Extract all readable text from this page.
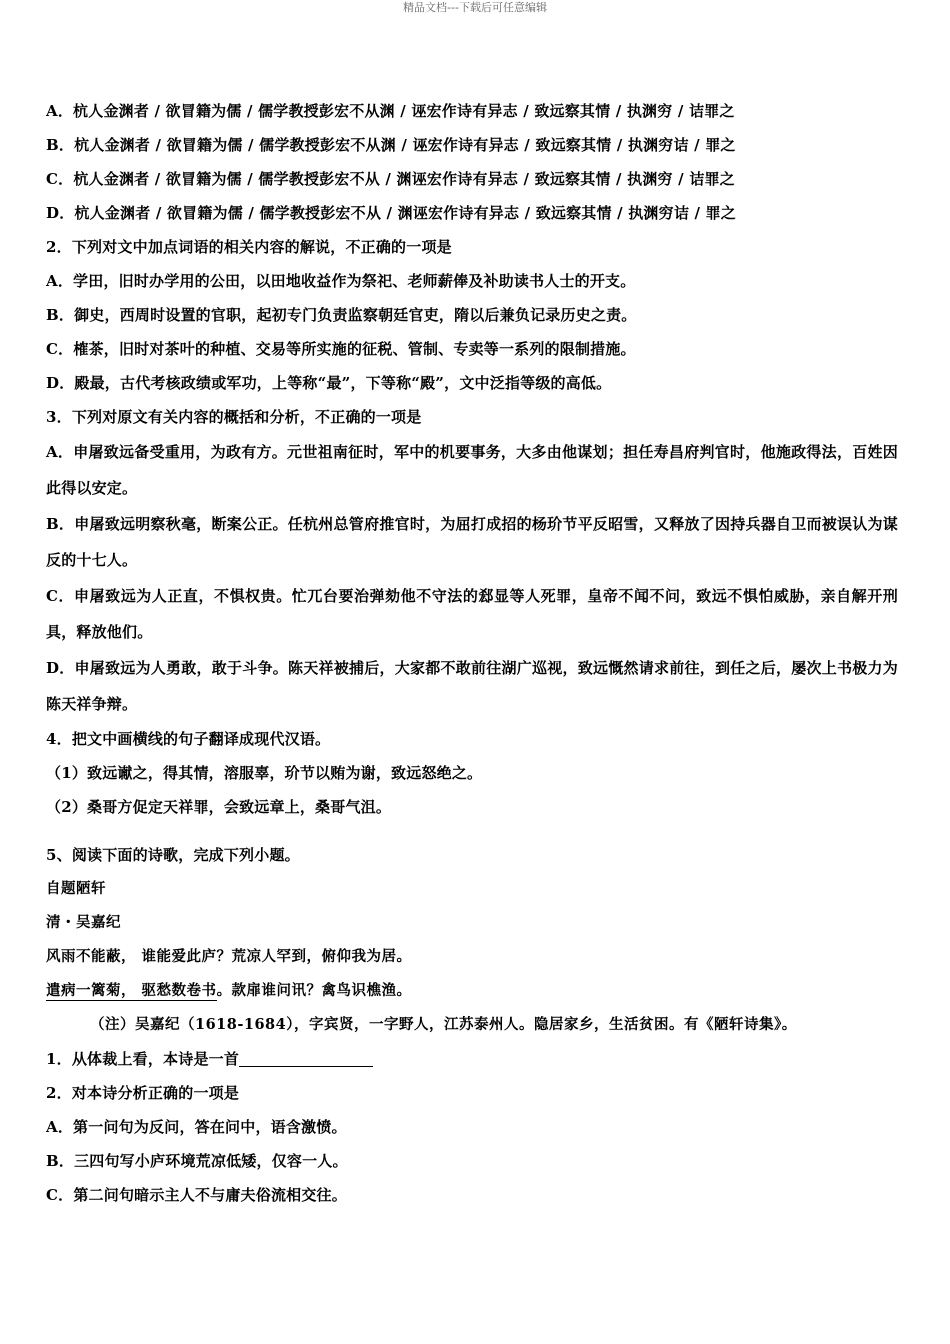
精品文档---下载后可任意编辑
A．杭人金渊者 / 欲冒籍为儒 / 儒学教授彭宏不从渊 / 诬宏作诗有异志 / 致远察其情 / 执渊穷 / 诘罪之
B．杭人金渊者 / 欲冒籍为儒 / 儒学教授彭宏不从渊 / 诬宏作诗有异志 / 致远察其情 / 执渊穷诘 / 罪之
C．杭人金渊者 / 欲冒籍为儒 / 儒学教授彭宏不从 / 渊诬宏作诗有异志 / 致远察其情 / 执渊穷 / 诘罪之
D．杭人金渊者 / 欲冒籍为儒 / 儒学教授彭宏不从 / 渊诬宏作诗有异志 / 致远察其情 / 执渊穷诘 / 罪之
2．下列对文中加点词语的相关内容的解说，不正确的一项是
A．学田，旧时办学用的公田，以田地收益作为祭祀、老师薪俸及补助读书人士的开支。
B．御史，西周时设置的官职，起初专门负责监察朝廷官吏，隋以后兼负记录历史之责。
C．榷茶，旧时对茶叶的种植、交易等所实施的征税、管制、专卖等一系列的限制措施。
D．殿最，古代考核政绩或军功，上等称“最”，下等称“殿”，文中泛指等级的高低。
3．下列对原文有关内容的概括和分析，不正确的一项是
A．申屠致远备受重用，为政有方。元世祖南征时，军中的机要事务，大多由他谋划；担任寿昌府判官时，他施政得法，百姓因此得以安定。
B．申屠致远明察秋毫，断案公正。任杭州总管府推官时，为屈打成招的杨玠节平反昭雪，又释放了因持兵器自卫而被误认为谋反的十七人。
C．申屠致远为人正直，不惧权贵。忙兀台要治弹劾他不守法的郄显等人死罪，皇帝不闻不问，致远不惧怕威胁，亲自解开刑具，释放他们。
D．申屠致远为人勇敢，敢于斗争。陈天祥被捕后，大家都不敢前往湖广巡视，致远慨然请求前往，到任之后，屡次上书极力为陈天祥争辩。
4．把文中画横线的句子翻译成现代汉语。
（1）致远谳之，得其情，溶服辜，玠节以贿为谢，致远怒绝之。
（2）桑哥方促定天祥罪，会致远章上，桑哥气沮。
5、阅读下面的诗歌，完成下列小题。
自题陋轩
清・吴嘉纪
风雨不能蔽， 谁能爱此庐？荒凉人罕到，俯仰我为居。
遣病一篱菊， 驱愁数卷书。款扉谁问讯？禽鸟识樵渔。
（注）吴嘉纪（1618-1684），字宾贤，一字野人，江苏泰州人。隐居家乡，生活贫困。有《陋轩诗集》。
1．从体裁上看，本诗是一首
2．对本诗分析正确的一项是
A．第一问句为反问，答在问中，语含激愤。
B．三四句写小庐环境荒凉低矮，仅容一人。
C．第二问句暗示主人不与庸夫俗流相交往。
